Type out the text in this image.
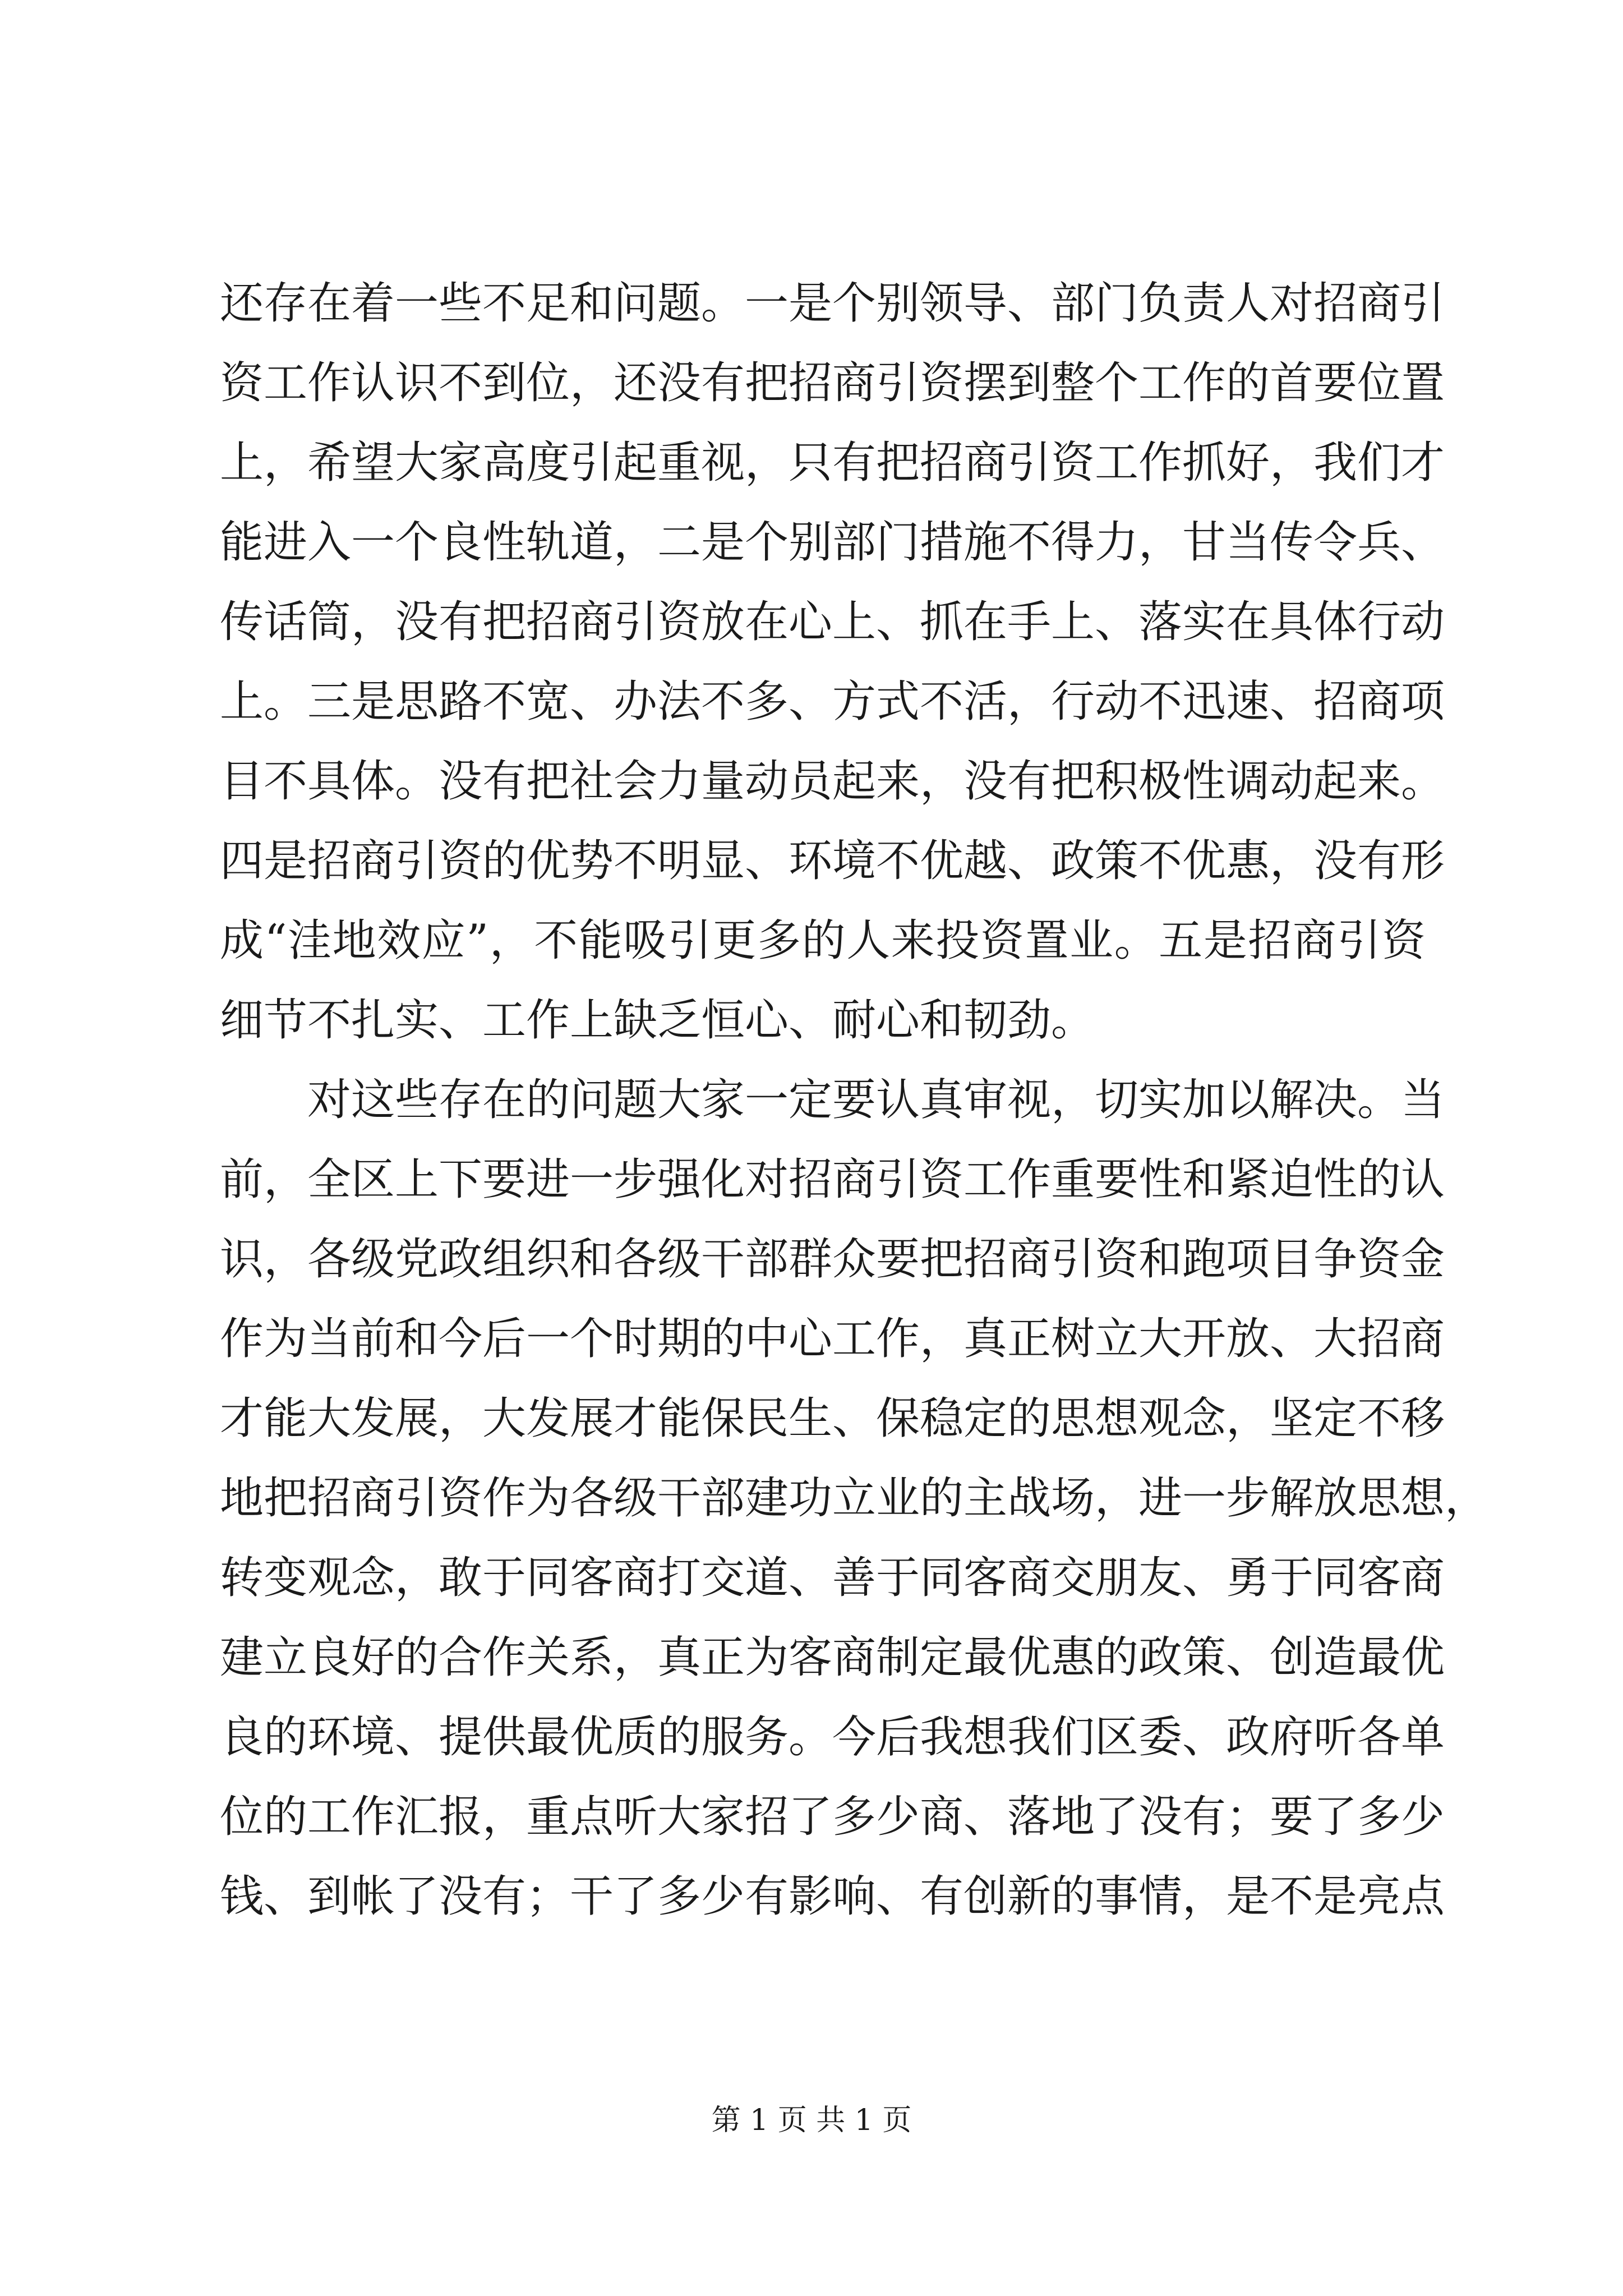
还存在着一些不足和问题。一是个别领导、部门负责人对招商引
资工作认识不到位，还没有把招商引资摆到整个工作的首要位置
上，希望大家高度引起重视，只有把招商引资工作抓好，我们才
能进入一个良性轨道，二是个别部门措施不得力，甘当传令兵、
传话筒，没有把招商引资放在心上、抓在手上、落实在具体行动
上。三是思路不宽、办法不多、方式不活，行动不迅速、招商项
目不具体。没有把社会力量动员起来，没有把积极性调动起来。
四是招商引资的优势不明显、环境不优越、政策不优惠，没有形
成“洼地效应”，不能吸引更多的人来投资置业。五是招商引资
细节不扎实、工作上缺乏恒心、耐心和韧劲。
对这些存在的问题大家一定要认真审视，切实加以解决。当
前，全区上下要进一步强化对招商引资工作重要性和紧迫性的认
识，各级党政组织和各级干部群众要把招商引资和跑项目争资金
作为当前和今后一个时期的中心工作，真正树立大开放、大招商
才能大发展，大发展才能保民生、保稳定的思想观念，坚定不移
地把招商引资作为各级干部建功立业的主战场，进一步解放思想，
转变观念，敢于同客商打交道、善于同客商交朋友、勇于同客商
建立良好的合作关系，真正为客商制定最优惠的政策、创造最优
良的环境、提供最优质的服务。今后我想我们区委、政府听各单
位的工作汇报，重点听大家招了多少商、落地了没有；要了多少
钱、到帐了没有；干了多少有影响、有创新的事情，是不是亮点
第 1 页 共 1 页
